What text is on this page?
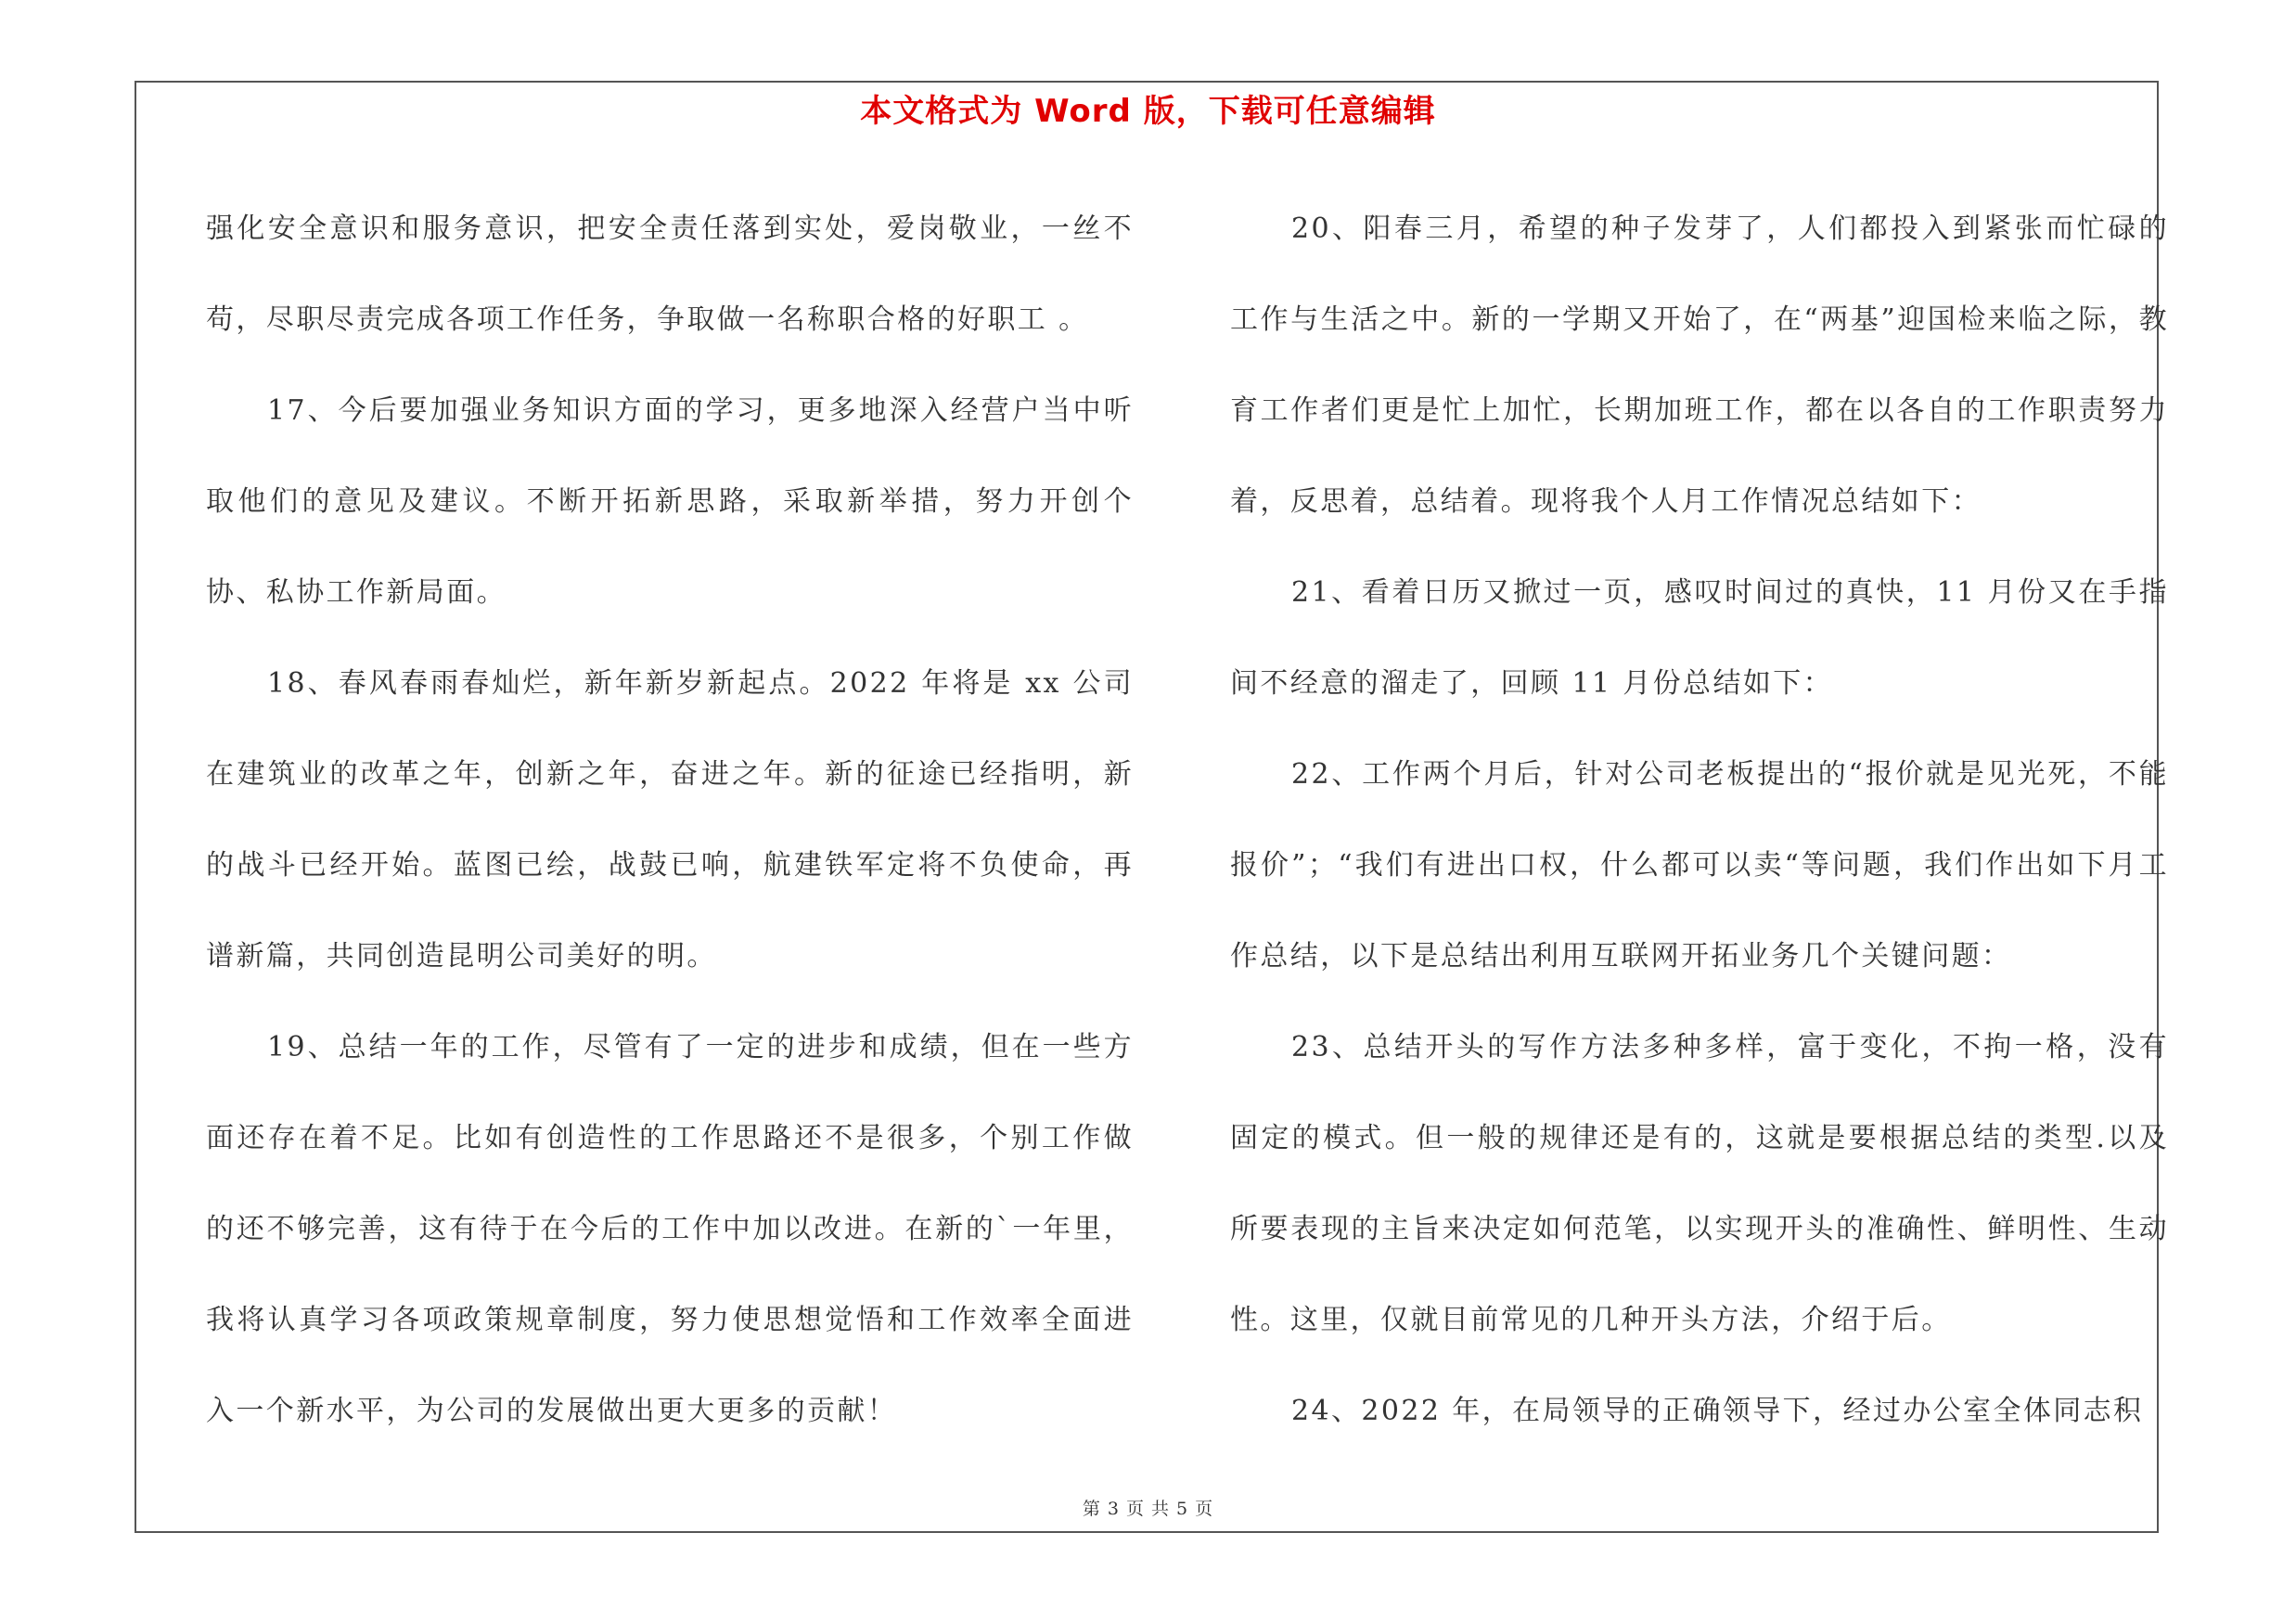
本文格式为 Word 版，下载可任意编辑

强化安全意识和服务意识，把安全责任落到实处，爱岗敬业，一丝不苟，尽职尽责完成各项工作任务，争取做一名称职合格的好职工 。

17、今后要加强业务知识方面的学习，更多地深入经营户当中听取他们的意见及建议。不断开拓新思路，采取新举措，努力开创个协、私协工作新局面。

18、春风春雨春灿烂，新年新岁新起点。2022 年将是 xx 公司在建筑业的改革之年，创新之年，奋进之年。新的征途已经指明，新的战斗已经开始。蓝图已绘，战鼓已响，航建铁军定将不负使命，再谱新篇，共同创造昆明公司美好的明。

19、总结一年的工作，尽管有了一定的进步和成绩，但在一些方面还存在着不足。比如有创造性的工作思路还不是很多，个别工作做的还不够完善，这有待于在今后的工作中加以改进。在新的`一年里，我将认真学习各项政策规章制度，努力使思想觉悟和工作效率全面进入一个新水平，为公司的发展做出更大更多的贡献！

20、阳春三月，希望的种子发芽了，人们都投入到紧张而忙碌的工作与生活之中。新的一学期又开始了，在“两基”迎国检来临之际，教育工作者们更是忙上加忙，长期加班工作，都在以各自的工作职责努力着，反思着，总结着。现将我个人月工作情况总结如下：

21、看着日历又掀过一页，感叹时间过的真快，11 月份又在手指间不经意的溜走了，回顾 11 月份总结如下：

22、工作两个月后，针对公司老板提出的“报价就是见光死，不能报价”；“我们有进出口权，什么都可以卖“等问题，我们作出如下月工作总结，以下是总结出利用互联网开拓业务几个关键问题：

23、总结开头的写作方法多种多样，富于变化，不拘一格，没有固定的模式。但一般的规律还是有的，这就是要根据总结的类型.以及所要表现的主旨来决定如何范笔，以实现开头的准确性、鲜明性、生动性。这里，仅就目前常见的几种开头方法，介绍于后。

24、2022 年，在局领导的正确领导下，经过办公室全体同志积

第 3 页 共 5 页
